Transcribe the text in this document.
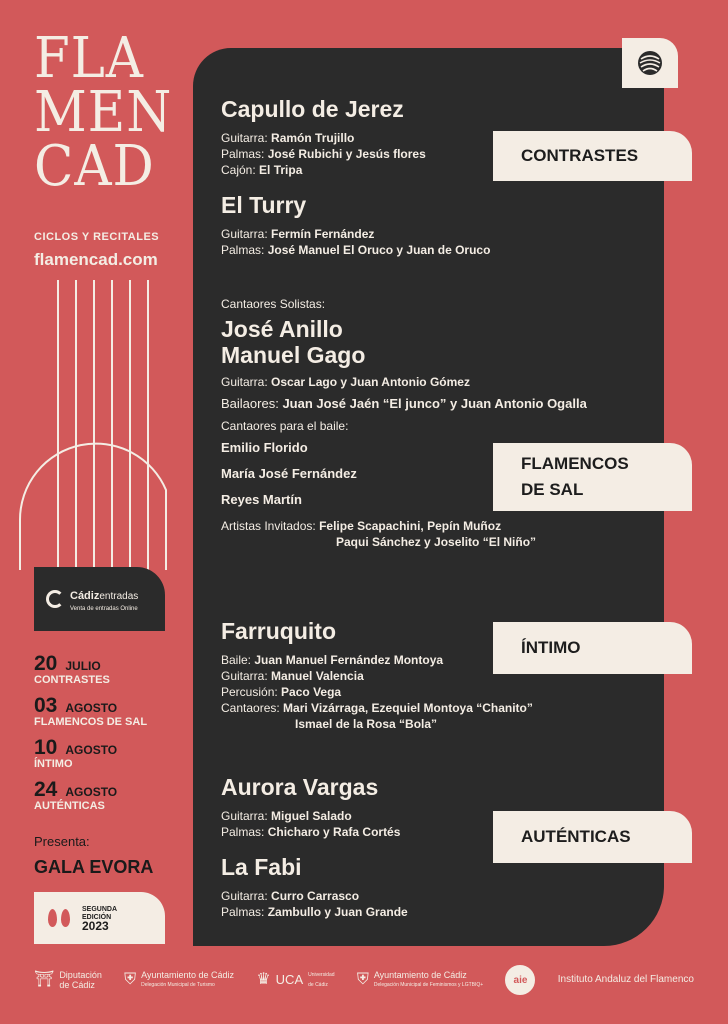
FLA
MEN
CAD
CICLOS Y RECITALES
flamencad.com
Cádizentradas
Venta de entradas Online
20 JULIO
CONTRASTES
03 AGOSTO
FLAMENCOS DE SAL
10 AGOSTO
ÍNTIMO
24 AGOSTO
AUTÉNTICAS
Presenta:
GALA EVORA
SEGUNDA
EDICIÓN
2023
Capullo de Jerez
Guitarra: Ramón Trujillo
Palmas: José Rubichi y Jesús flores
Cajón: El Tripa
CONTRASTES
El Turry
Guitarra: Fermín Fernández
Palmas: José Manuel El Oruco y Juan de Oruco
Cantaores Solistas:
José Anillo
Manuel Gago
Guitarra: Oscar Lago y Juan Antonio Gómez
Bailaores: Juan José Jaén “El junco” y Juan Antonio Ogalla
Cantaores para el baile:
Emilio Florido
María José Fernández
Reyes Martín
Artistas Invitados: Felipe Scapachini, Pepín Muñoz
Paqui Sánchez y Joselito “El Niño”
FLAMENCOS
DE SAL
Farruquito
Baile: Juan Manuel Fernández Montoya
Guitarra: Manuel Valencia
Percusión: Paco Vega
Cantaores: Mari Vizárraga, Ezequiel Montoya “Chanito”
Ismael de la Rosa “Bola”
ÍNTIMO
Aurora Vargas
Guitarra: Miguel Salado
Palmas: Chicharo y Rafa Cortés	AUTÉNTICAS
La Fabi
Guitarra: Curro Carrasco
Palmas: Zambullo y Juan Grande
⛩ Diputación
de Cádiz	⛨ Ayuntamiento de Cádiz
Delegación Municipal de Turismo	♛ UCA Universidad
de Cádiz	⛨ Ayuntamiento de Cádiz
Delegación Municipal de Feminismos y LGTBIQ+	aie	Instituto Andaluz del Flamenco
